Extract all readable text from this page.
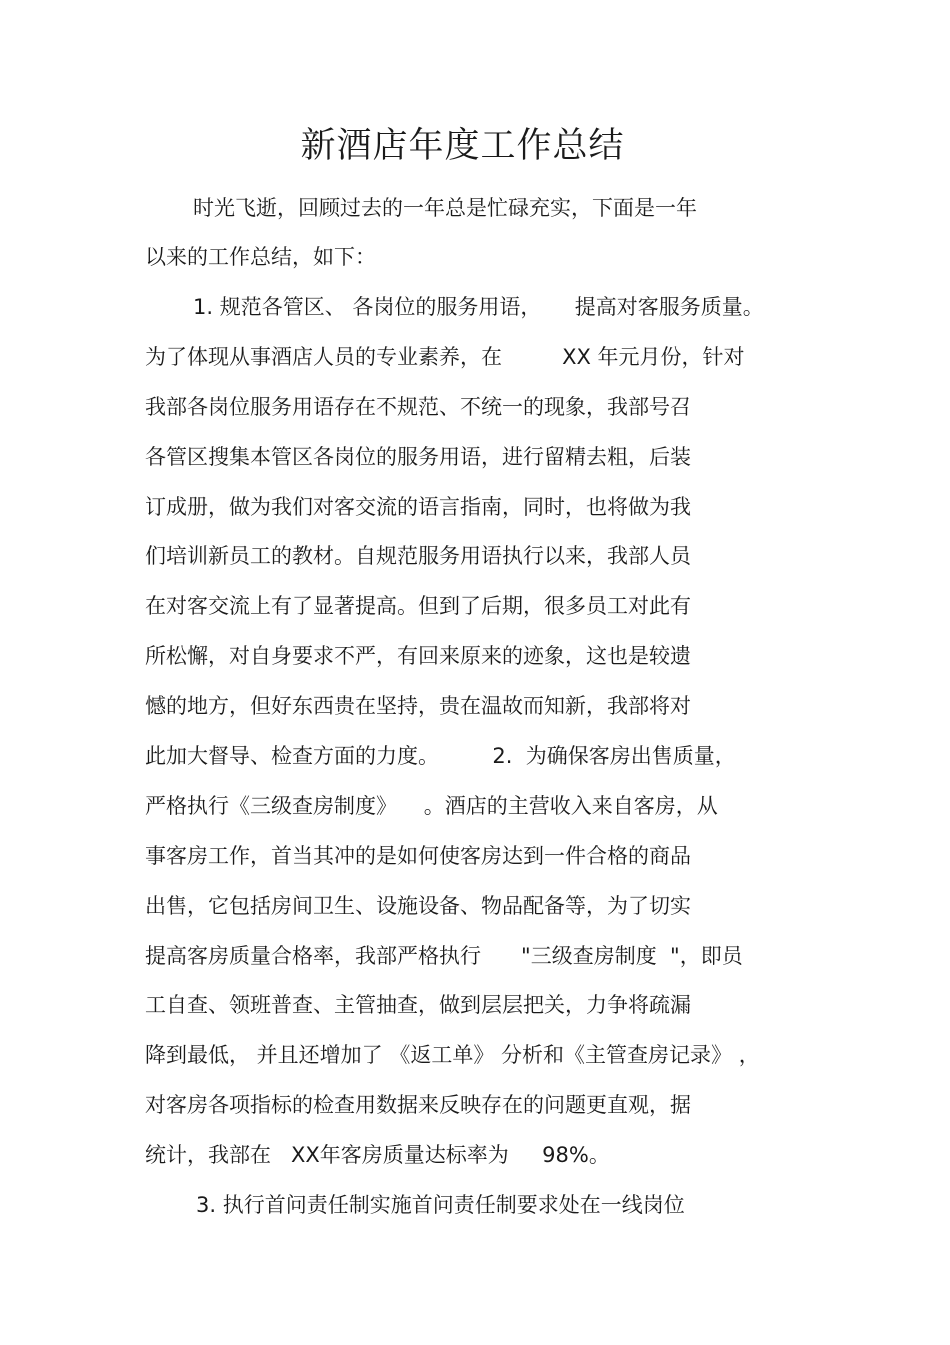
新酒店年度工作总结

时光飞逝，回顾过去的一年总是忙碌充实，下面是一年

以来的工作总结，如下：

1. 规范各管区、 各岗位的服务用语，     提高对客服务质量。

为了体现从事酒店人员的专业素养，在         XX 年元月份，针对

我部各岗位服务用语存在不规范、不统一的现象，我部号召

各管区搜集本管区各岗位的服务用语，进行留精去粗，后装

订成册，做为我们对客交流的语言指南，同时，也将做为我

们培训新员工的教材。自规范服务用语执行以来，我部人员

在对客交流上有了显著提高。但到了后期，很多员工对此有

所松懈，对自身要求不严，有回来原来的迹象，这也是较遗

憾的地方，但好东西贵在坚持，贵在温故而知新，我部将对

此加大督导、检查方面的力度。        2.  为确保客房出售质量，

严格执行《三级查房制度》    。酒店的主营收入来自客房，从

事客房工作，首当其冲的是如何使客房达到一件合格的商品

出售，它包括房间卫生、设施设备、物品配备等，为了切实

提高客房质量合格率，我部严格执行      "三级查房制度  "，即员

工自查、领班普查、主管抽查，做到层层把关，力争将疏漏

降到最低， 并且还增加了 《返工单》 分析和《主管查房记录》 ，

对客房各项指标的检查用数据来反映存在的问题更直观，据

统计，我部在   XX年客房质量达标率为     98%。

3. 执行首问责任制实施首问责任制要求处在一线岗位
